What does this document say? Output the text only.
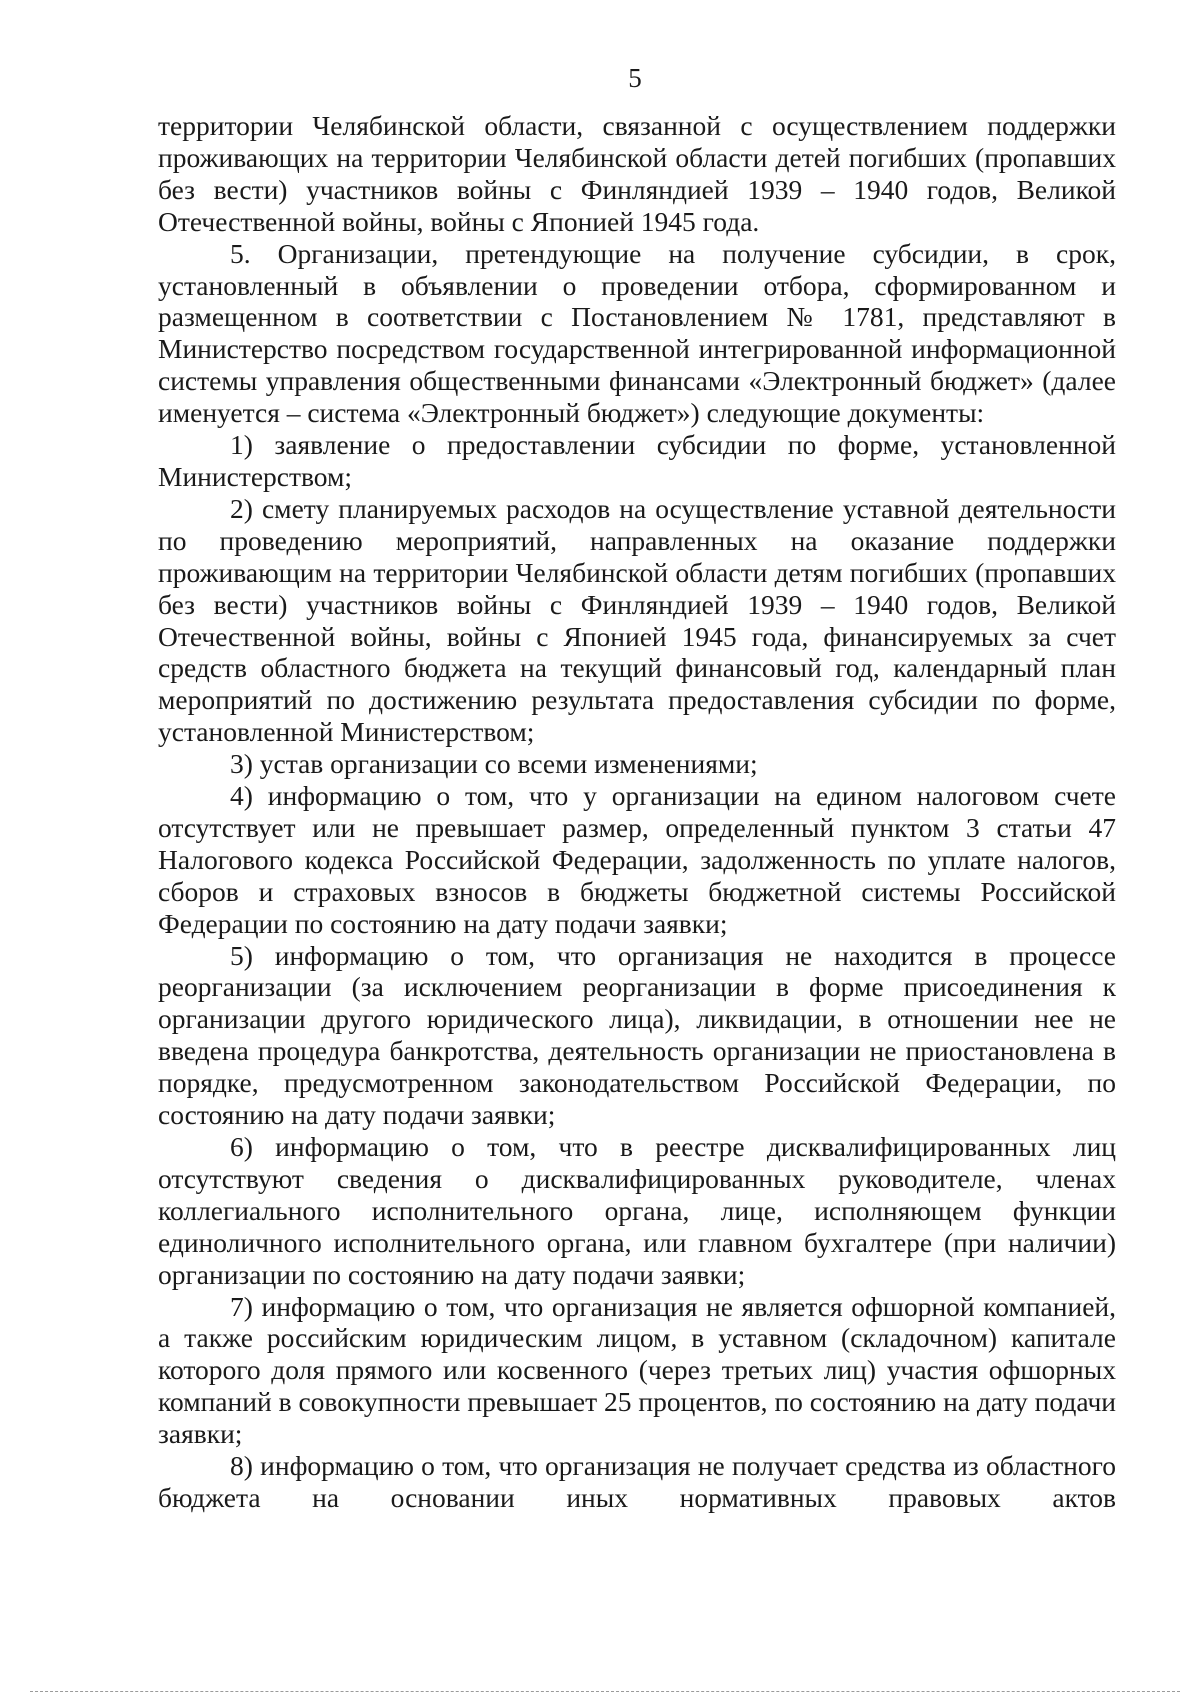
5

территории Челябинской области, связанной с осуществлением поддержки проживающих на территории Челябинской области детей погибших (пропавших без вести) участников войны с Финляндией 1939 – 1940 годов, Великой Отечественной войны, войны с Японией 1945 года.

5. Организации, претендующие на получение субсидии, в срок, установленный в объявлении о проведении отбора, сформированном и размещенном в соответствии с Постановлением № 1781, представляют в Министерство посредством государственной интегрированной информационной системы управления общественными финансами «Электронный бюджет» (далее именуется – система «Электронный бюджет») следующие документы:

1) заявление о предоставлении субсидии по форме, установленной Министерством;

2) смету планируемых расходов на осуществление уставной деятельности по проведению мероприятий, направленных на оказание поддержки проживающим на территории Челябинской области детям погибших (пропавших без вести) участников войны с Финляндией 1939 – 1940 годов, Великой Отечественной войны, войны с Японией 1945 года, финансируемых за счет средств областного бюджета на текущий финансовый год, календарный план мероприятий по достижению результата предоставления субсидии по форме, установленной Министерством;

3) устав организации со всеми изменениями;

4) информацию о том, что у организации на едином налоговом счете отсутствует или не превышает размер, определенный пунктом 3 статьи 47 Налогового кодекса Российской Федерации, задолженность по уплате налогов, сборов и страховых взносов в бюджеты бюджетной системы Российской Федерации по состоянию на дату подачи заявки;

5) информацию о том, что организация не находится в процессе реорганизации (за исключением реорганизации в форме присоединения к организации другого юридического лица), ликвидации, в отношении нее не введена процедура банкротства, деятельность организации не приостановлена в порядке, предусмотренном законодательством Российской Федерации, по состоянию на дату подачи заявки;

6) информацию о том, что в реестре дисквалифицированных лиц отсутствуют сведения о дисквалифицированных руководителе, членах коллегиального исполнительного органа, лице, исполняющем функции единоличного исполнительного органа, или главном бухгалтере (при наличии) организации по состоянию на дату подачи заявки;

7) информацию о том, что организация не является офшорной компанией, а также российским юридическим лицом, в уставном (складочном) капитале которого доля прямого или косвенного (через третьих лиц) участия офшорных компаний в совокупности превышает 25 процентов, по состоянию на дату подачи заявки;

8) информацию о том, что организация не получает средства из областного бюджета на основании иных нормативных правовых актов
